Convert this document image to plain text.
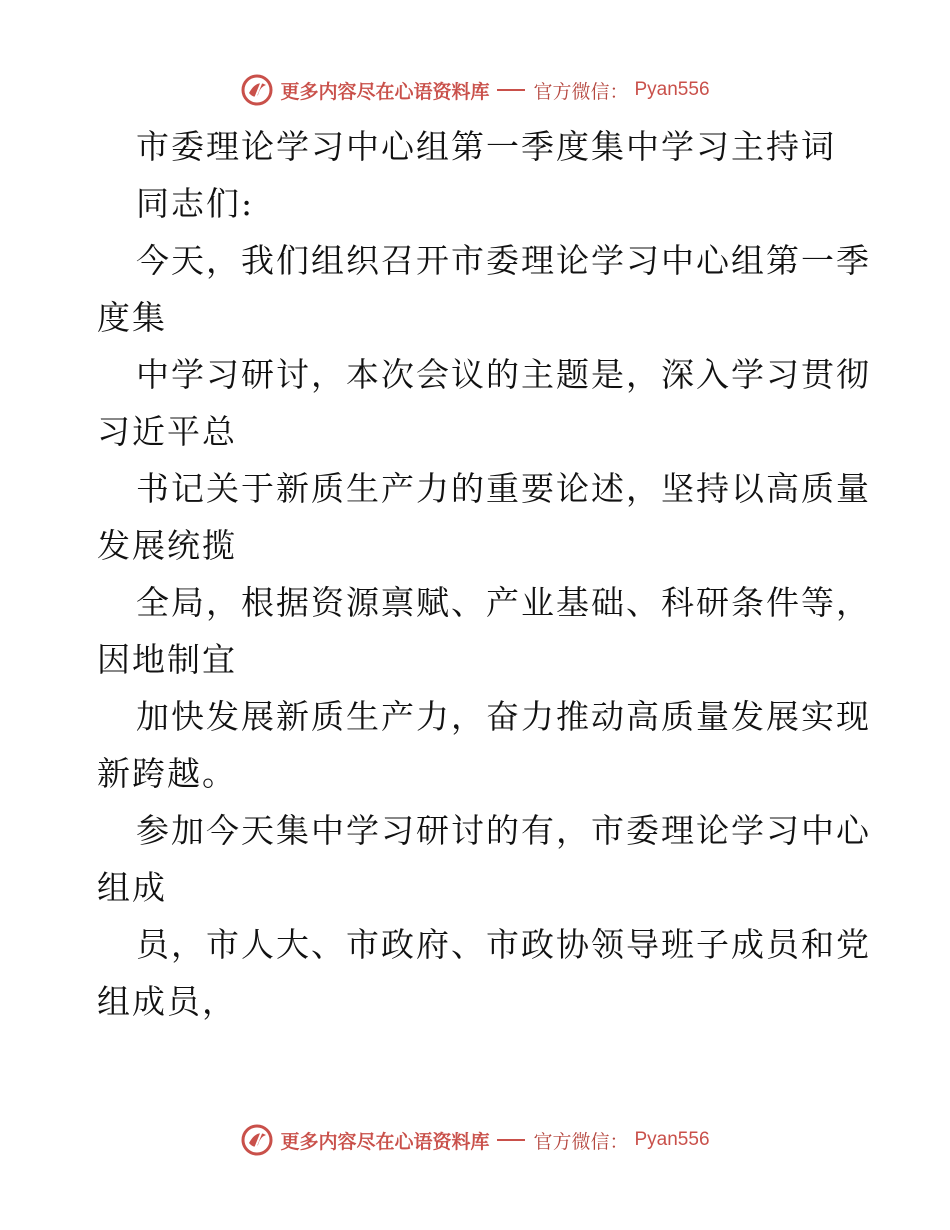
更多内容尽在心语资料库 官方微信： Pyan556
市委理论学习中心组第一季度集中学习主持词
同志们:
今天，我们组织召开市委理论学习中心组第一季
度集
中学习研讨，本次会议的主题是，深入学习贯彻
习近平总
书记关于新质生产力的重要论述，坚持以高质量
发展统揽
全局，根据资源禀赋、产业基础、科研条件等，
因地制宜
加快发展新质生产力，奋力推动高质量发展实现
新跨越。
参加今天集中学习研讨的有，市委理论学习中心
组成
员，市人大、市政府、市政协领导班子成员和党
组成员，
更多内容尽在心语资料库 官方微信： Pyan556
